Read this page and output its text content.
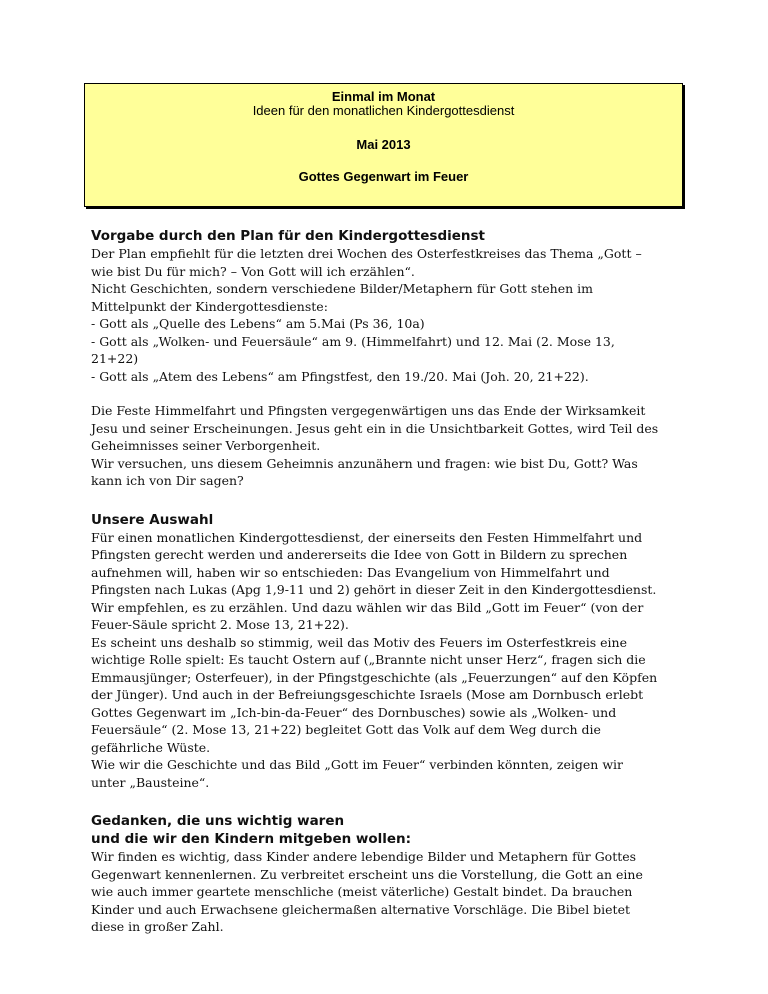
Einmal im Monat
Ideen für den monatlichen Kindergottesdienst
Mai 2013
Gottes Gegenwart im Feuer
Vorgabe durch den Plan für den Kindergottesdienst

Der Plan empfiehlt für die letzten drei Wochen des Osterfestkreises das Thema „Gott –

wie bist Du für mich? – Von Gott will ich erzählen“.

Nicht Geschichten, sondern verschiedene Bilder/Metaphern für Gott stehen im

Mittelpunkt der Kindergottesdienste:

- Gott als „Quelle des Lebens“ am 5.Mai (Ps 36, 10a)

- Gott als „Wolken- und Feuersäule“ am 9. (Himmelfahrt) und 12. Mai (2. Mose 13,

21+22)

- Gott als „Atem des Lebens“ am Pfingstfest, den 19./20. Mai (Joh. 20, 21+22).

Die Feste Himmelfahrt und Pfingsten vergegenwärtigen uns das Ende der Wirksamkeit

Jesu und seiner Erscheinungen. Jesus geht ein in die Unsichtbarkeit Gottes, wird Teil des

Geheimnisses seiner Verborgenheit.

Wir versuchen, uns diesem Geheimnis anzunähern und fragen: wie bist Du, Gott? Was

kann ich von Dir sagen?

Unsere Auswahl

Für einen monatlichen Kindergottesdienst, der einerseits den Festen Himmelfahrt und

Pfingsten gerecht werden und andererseits die Idee von Gott in Bildern zu sprechen

aufnehmen will, haben wir so entschieden: Das Evangelium von Himmelfahrt und

Pfingsten nach Lukas (Apg 1,9-11 und 2) gehört in dieser Zeit in den Kindergottesdienst.

Wir empfehlen, es zu erzählen. Und dazu wählen wir das Bild „Gott im Feuer“ (von der

Feuer-Säule spricht 2. Mose 13, 21+22).

Es scheint uns deshalb so stimmig, weil das Motiv des Feuers im Osterfestkreis eine

wichtige Rolle spielt: Es taucht Ostern auf („Brannte nicht unser Herz“, fragen sich die

Emmausjünger; Osterfeuer), in der Pfingstgeschichte (als „Feuerzungen“ auf den Köpfen

der Jünger). Und auch in der Befreiungsgeschichte Israels (Mose am Dornbusch erlebt

Gottes Gegenwart im „Ich-bin-da-Feuer“ des Dornbusches) sowie als „Wolken- und

Feuersäule“ (2. Mose 13, 21+22) begleitet Gott das Volk auf dem Weg durch die

gefährliche Wüste.

Wie wir die Geschichte und das Bild „Gott im Feuer“ verbinden könnten, zeigen wir

unter „Bausteine“.

Gedanken, die uns wichtig waren
und die wir den Kindern mitgeben wollen:

Wir finden es wichtig, dass Kinder andere lebendige Bilder und Metaphern für Gottes

Gegenwart kennenlernen. Zu verbreitet erscheint uns die Vorstellung, die Gott an eine

wie auch immer geartete menschliche (meist väterliche) Gestalt bindet. Da brauchen

Kinder und auch Erwachsene gleichermaßen alternative Vorschläge. Die Bibel bietet

diese in großer Zahl.
